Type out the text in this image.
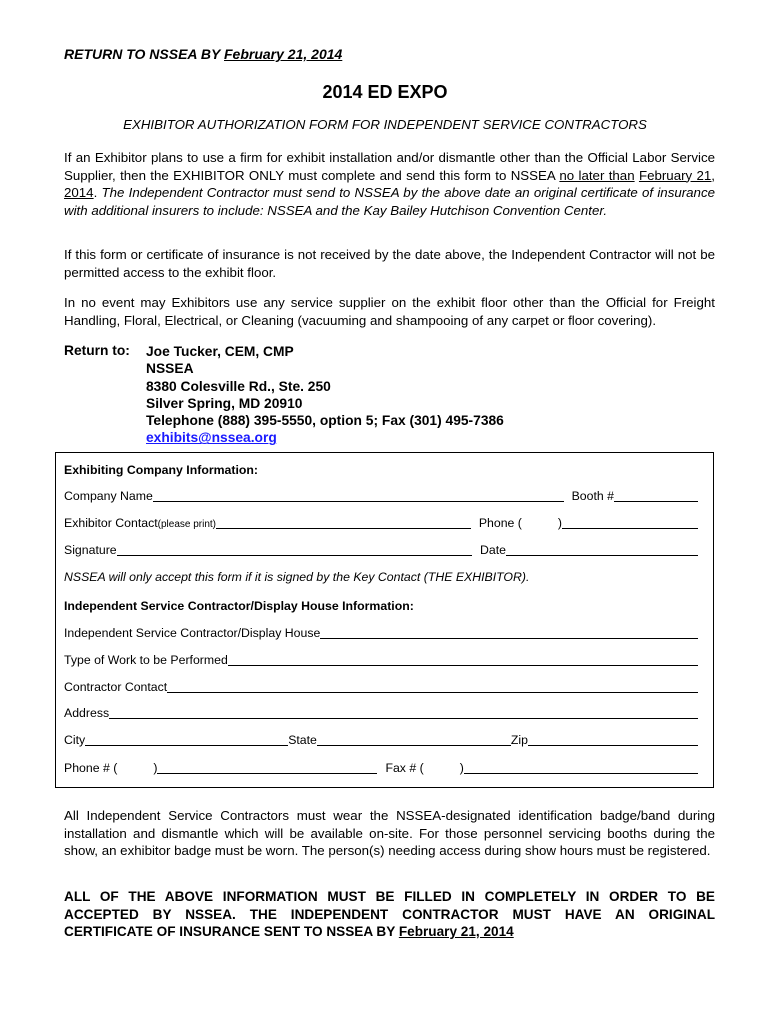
RETURN TO NSSEA BY February 21, 2014
2014 ED EXPO
EXHIBITOR AUTHORIZATION FORM FOR INDEPENDENT SERVICE CONTRACTORS
If an Exhibitor plans to use a firm for exhibit installation and/or dismantle other than the Official Labor Service Supplier, then the EXHIBITOR ONLY must complete and send this form to NSSEA no later than February 21, 2014. The Independent Contractor must send to NSSEA by the above date an original certificate of insurance with additional insurers to include: NSSEA and the Kay Bailey Hutchison Convention Center.
If this form or certificate of insurance is not received by the date above, the Independent Contractor will not be permitted access to the exhibit floor.
In no event may Exhibitors use any service supplier on the exhibit floor other than the Official for Freight Handling, Floral, Electrical, or Cleaning (vacuuming and shampooing of any carpet or floor covering).
Return to: Joe Tucker, CEM, CMP
NSSEA
8380 Colesville Rd., Ste. 250
Silver Spring, MD 20910
Telephone (888) 395-5550, option 5; Fax (301) 495-7386
exhibits@nssea.org
Exhibiting Company Information:
Company Name	Booth #
Exhibitor Contact (please print)	Phone (	)
Signature	Date
NSSEA will only accept this form if it is signed by the Key Contact (THE EXHIBITOR).
Independent Service Contractor/Display House Information:
Independent Service Contractor/Display House
Type of Work to be Performed
Contractor Contact
Address
City	State	Zip
Phone # (	)	Fax # (	)
All Independent Service Contractors must wear the NSSEA-designated identification badge/band during installation and dismantle which will be available on-site. For those personnel servicing booths during the show, an exhibitor badge must be worn. The person(s) needing access during show hours must be registered.
ALL OF THE ABOVE INFORMATION MUST BE FILLED IN COMPLETELY IN ORDER TO BE ACCEPTED BY NSSEA. THE INDEPENDENT CONTRACTOR MUST HAVE AN ORIGINAL CERTIFICATE OF INSURANCE SENT TO NSSEA BY February 21, 2014
